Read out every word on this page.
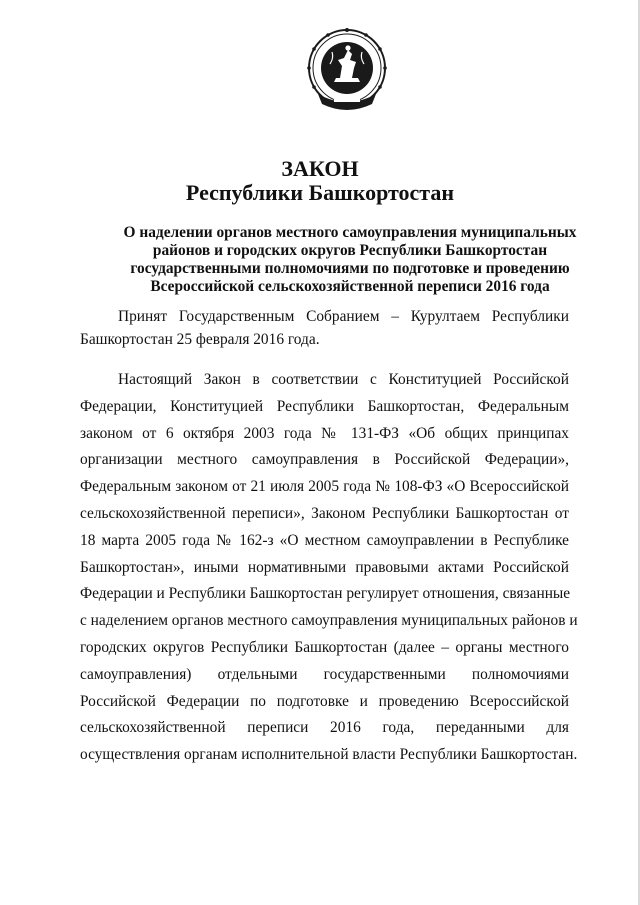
ЗАКОН
Республики Башкортостан
О наделении органов местного самоуправления муниципальных
районов и городских округов Республики Башкортостан
государственными полномочиями по подготовке и проведению
Всероссийской сельскохозяйственной переписи 2016 года
Принят Государственным Собранием – Курултаем Республики
Башкортостан 25 февраля 2016 года.
Настоящий Закон в соответствии с Конституцией Российской
Федерации, Конституцией Республики Башкортостан, Федеральным
законом от 6 октября 2003 года № 131-ФЗ «Об общих принципах
организации местного самоуправления в Российской Федерации»,
Федеральным законом от 21 июля 2005 года № 108-ФЗ «О Всероссийской
сельскохозяйственной переписи», Законом Республики Башкортостан от
18 марта 2005 года № 162-з «О местном самоуправлении в Республике
Башкортостан», иными нормативными правовыми актами Российской
Федерации и Республики Башкортостан регулирует отношения, связанные
с наделением органов местного самоуправления муниципальных районов и
городских округов Республики Башкортостан (далее – органы местного
самоуправления) отдельными государственными полномочиями
Российской Федерации по подготовке и проведению Всероссийской
сельскохозяйственной переписи 2016 года, переданными для
осуществления органам исполнительной власти Республики Башкортостан.
